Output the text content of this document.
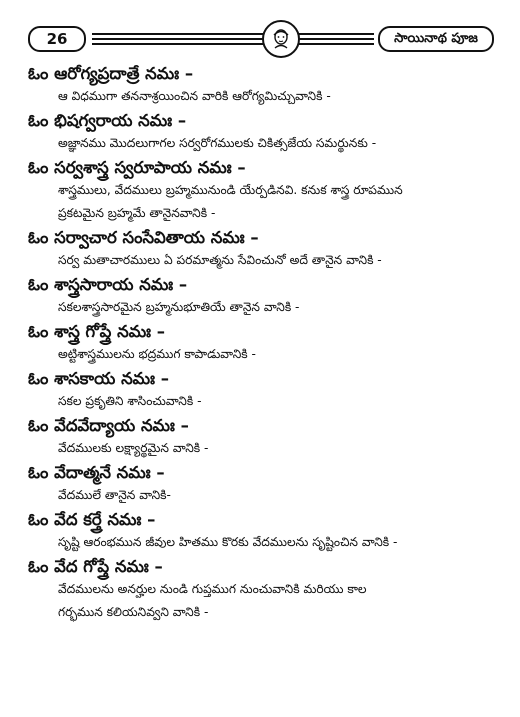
26	సాయినాథ పూజ
ఓం ఆరోగ్యప్రదాత్రే నమః –
ఆ విధముగా తననాశ్రయించిన వారికి ఆరోగ్యమిచ్చువానికి -
ఓం భిషగ్వరాయ నమః –
అజ్ఞానము మొదలుగాగల సర్వరోగములకు చికిత్సజేయ సమర్థునకు -
ఓం సర్వశాస్త్ర స్వరూపాయ నమః –
శాస్త్రములు, వేదములు బ్రహ్మమునుండి యేర్పడినవి. కనుక శాస్త్ర రూపమున
ప్రకటమైన బ్రహ్మమే తానైనవానికి -
ఓం సర్వాచార సంసేవితాయ నమః –
సర్వ మతాచారములు ఏ పరమాత్మను సేవించునో అదే తానైన వానికి -
ఓం శాస్త్రసారాయ నమః –
సకలశాస్త్రసారమైన బ్రహ్మనుభూతియే తానైన వానికి -
ఓం శాస్త్ర గోప్త్రే నమః –
అట్టిశాస్త్రములను భద్రముగ కాపాడువానికి -
ఓం శాసకాయ నమః –
సకల ప్రకృతిని శాసించువానికి -
ఓం వేదవేద్యాయ నమః –
వేదములకు లక్ష్యార్థమైన వానికి -
ఓం వేదాత్మనే నమః –
వేదములే తానైన వానికి-
ఓం వేద కర్త్రే నమః –
సృష్టి ఆరంభమున జీవుల హితము కొరకు వేదములను సృష్టించిన వానికి -
ఓం వేద గోప్త్రే నమః –
వేదములను అనర్హుల నుండి గుప్తముగ నుంచువానికి మరియు కాల
గర్భమున కలియనివ్వని వానికి -
